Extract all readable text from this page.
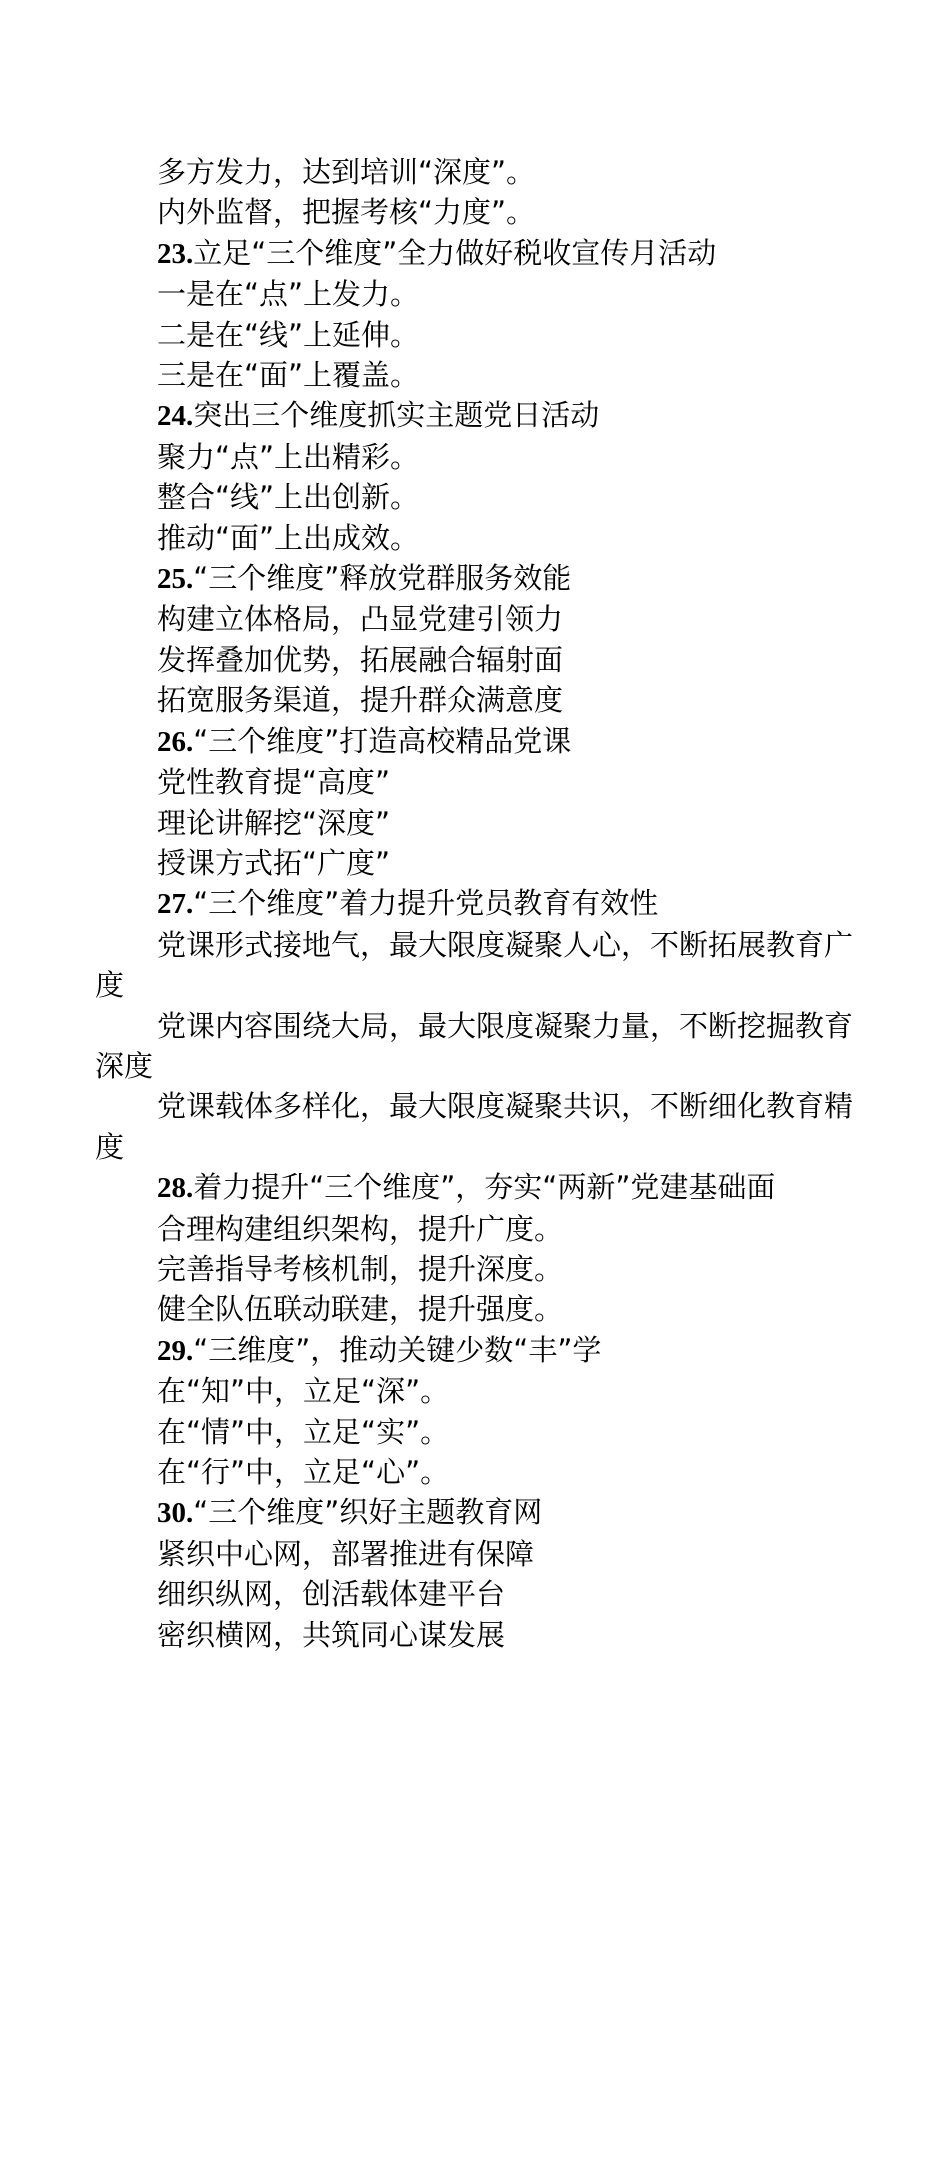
多方发力，达到培训“深度”。

内外监督，把握考核“力度”。

23.立足“三个维度”全力做好税收宣传月活动

一是在“点”上发力。

二是在“线”上延伸。

三是在“面”上覆盖。

24.突出三个维度抓实主题党日活动

聚力“点”上出精彩。

整合“线”上出创新。

推动“面”上出成效。

25.“三个维度”释放党群服务效能

构建立体格局，凸显党建引领力

发挥叠加优势，拓展融合辐射面

拓宽服务渠道，提升群众满意度

26.“三个维度”打造高校精品党课

党性教育提“高度”

理论讲解挖“深度”

授课方式拓“广度”

27.“三个维度”着力提升党员教育有效性

党课形式接地气，最大限度凝聚人心，不断拓展教育广度

党课内容围绕大局，最大限度凝聚力量，不断挖掘教育深度

党课载体多样化，最大限度凝聚共识，不断细化教育精度

28.着力提升“三个维度”，夯实“两新”党建基础面

合理构建组织架构，提升广度。

完善指导考核机制，提升深度。

健全队伍联动联建，提升强度。

29.“三维度”，推动关键少数“丰”学

在“知”中，立足“深”。

在“情”中，立足“实”。

在“行”中，立足“心”。

30.“三个维度”织好主题教育网

紧织中心网，部署推进有保障

细织纵网，创活载体建平台

密织横网，共筑同心谋发展
